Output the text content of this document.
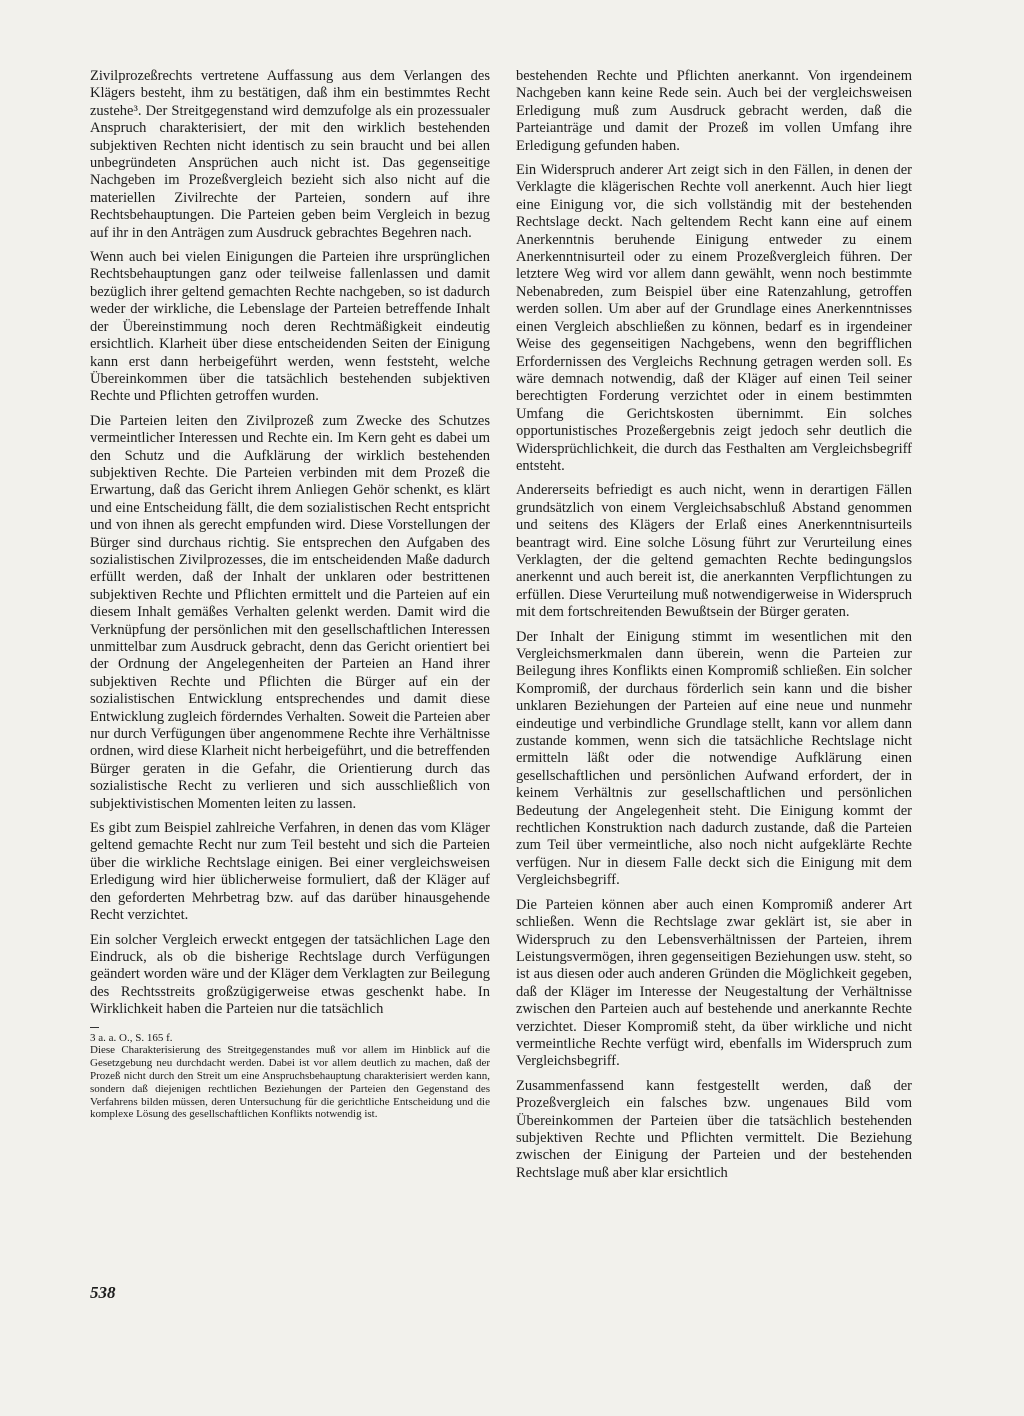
Zivilprozeßrechts vertretene Auffassung aus dem Verlangen des Klägers besteht, ihm zu bestätigen, daß ihm ein bestimmtes Recht zustehe³. Der Streitgegenstand wird demzufolge als ein prozessualer Anspruch charakterisiert, der mit den wirklich bestehenden subjektiven Rechten nicht identisch zu sein braucht und bei allen unbegründeten Ansprüchen auch nicht ist. Das gegenseitige Nachgeben im Prozeßvergleich bezieht sich also nicht auf die materiellen Zivilrechte der Parteien, sondern auf ihre Rechtsbehauptungen. Die Parteien geben beim Vergleich in bezug auf ihr in den Anträgen zum Ausdruck gebrachtes Begehren nach.

Wenn auch bei vielen Einigungen die Parteien ihre ursprünglichen Rechtsbehauptungen ganz oder teilweise fallenlassen und damit bezüglich ihrer geltend gemachten Rechte nachgeben, so ist dadurch weder der wirkliche, die Lebenslage der Parteien betreffende Inhalt der Übereinstimmung noch deren Rechtmäßigkeit eindeutig ersichtlich. Klarheit über diese entscheidenden Seiten der Einigung kann erst dann herbeigeführt werden, wenn feststeht, welche Übereinkommen über die tatsächlich bestehenden subjektiven Rechte und Pflichten getroffen wurden.

Die Parteien leiten den Zivilprozeß zum Zwecke des Schutzes vermeintlicher Interessen und Rechte ein. Im Kern geht es dabei um den Schutz und die Aufklärung der wirklich bestehenden subjektiven Rechte. Die Parteien verbinden mit dem Prozeß die Erwartung, daß das Gericht ihrem Anliegen Gehör schenkt, es klärt und eine Entscheidung fällt, die dem sozialistischen Recht entspricht und von ihnen als gerecht empfunden wird. Diese Vorstellungen der Bürger sind durchaus richtig. Sie entsprechen den Aufgaben des sozialistischen Zivilprozesses, die im entscheidenden Maße dadurch erfüllt werden, daß der Inhalt der unklaren oder bestrittenen subjektiven Rechte und Pflichten ermittelt und die Parteien auf ein diesem Inhalt gemäßes Verhalten gelenkt werden. Damit wird die Verknüpfung der persönlichen mit den gesellschaftlichen Interessen unmittelbar zum Ausdruck gebracht, denn das Gericht orientiert bei der Ordnung der Angelegenheiten der Parteien an Hand ihrer subjektiven Rechte und Pflichten die Bürger auf ein der sozialistischen Entwicklung entsprechendes und damit diese Entwicklung zugleich förderndes Verhalten. Soweit die Parteien aber nur durch Verfügungen über angenommene Rechte ihre Verhältnisse ordnen, wird diese Klarheit nicht herbeigeführt, und die betreffenden Bürger geraten in die Gefahr, die Orientierung durch das sozialistische Recht zu verlieren und sich ausschließlich von subjektivistischen Momenten leiten zu lassen.

Es gibt zum Beispiel zahlreiche Verfahren, in denen das vom Kläger geltend gemachte Recht nur zum Teil besteht und sich die Parteien über die wirkliche Rechtslage einigen. Bei einer vergleichsweisen Erledigung wird hier üblicherweise formuliert, daß der Kläger auf den geforderten Mehrbetrag bzw. auf das darüber hinausgehende Recht verzichtet.

Ein solcher Vergleich erweckt entgegen der tatsächlichen Lage den Eindruck, als ob die bisherige Rechtslage durch Verfügungen geändert worden wäre und der Kläger dem Verklagten zur Beilegung des Rechtsstreits großzügigerweise etwas geschenkt habe. In Wirklichkeit haben die Parteien nur die tatsächlich

3 a. a. O., S. 165 f.

Diese Charakterisierung des Streitgegenstandes muß vor allem im Hinblick auf die Gesetzgebung neu durchdacht werden. Dabei ist vor allem deutlich zu machen, daß der Prozeß nicht durch den Streit um eine Anspruchsbehauptung charakterisiert werden kann, sondern daß diejenigen rechtlichen Beziehungen der Parteien den Gegenstand des Verfahrens bilden müssen, deren Untersuchung für die gerichtliche Entscheidung und die komplexe Lösung des gesellschaftlichen Konflikts notwendig ist.

bestehenden Rechte und Pflichten anerkannt. Von irgendeinem Nachgeben kann keine Rede sein. Auch bei der vergleichsweisen Erledigung muß zum Ausdruck gebracht werden, daß die Parteianträge und damit der Prozeß im vollen Umfang ihre Erledigung gefunden haben.

Ein Widerspruch anderer Art zeigt sich in den Fällen, in denen der Verklagte die klägerischen Rechte voll anerkennt. Auch hier liegt eine Einigung vor, die sich vollständig mit der bestehenden Rechtslage deckt. Nach geltendem Recht kann eine auf einem Anerkenntnis beruhende Einigung entweder zu einem Anerkenntnisurteil oder zu einem Prozeßvergleich führen. Der letztere Weg wird vor allem dann gewählt, wenn noch bestimmte Nebenabreden, zum Beispiel über eine Ratenzahlung, getroffen werden sollen. Um aber auf der Grundlage eines Anerkenntnisses einen Vergleich abschließen zu können, bedarf es in irgendeiner Weise des gegenseitigen Nachgebens, wenn den begrifflichen Erfordernissen des Vergleichs Rechnung getragen werden soll. Es wäre demnach notwendig, daß der Kläger auf einen Teil seiner berechtigten Forderung verzichtet oder in einem bestimmten Umfang die Gerichtskosten übernimmt. Ein solches opportunistisches Prozeßergebnis zeigt jedoch sehr deutlich die Widersprüchlichkeit, die durch das Festhalten am Vergleichsbegriff entsteht.

Andererseits befriedigt es auch nicht, wenn in derartigen Fällen grundsätzlich von einem Vergleichsabschluß Abstand genommen und seitens des Klägers der Erlaß eines Anerkenntnisurteils beantragt wird. Eine solche Lösung führt zur Verurteilung eines Verklagten, der die geltend gemachten Rechte bedingungslos anerkennt und auch bereit ist, die anerkannten Verpflichtungen zu erfüllen. Diese Verurteilung muß notwendigerweise in Widerspruch mit dem fortschreitenden Bewußtsein der Bürger geraten.

Der Inhalt der Einigung stimmt im wesentlichen mit den Vergleichsmerkmalen dann überein, wenn die Parteien zur Beilegung ihres Konflikts einen Kompromiß schließen. Ein solcher Kompromiß, der durchaus förderlich sein kann und die bisher unklaren Beziehungen der Parteien auf eine neue und nunmehr eindeutige und verbindliche Grundlage stellt, kann vor allem dann zustande kommen, wenn sich die tatsächliche Rechtslage nicht ermitteln läßt oder die notwendige Aufklärung einen gesellschaftlichen und persönlichen Aufwand erfordert, der in keinem Verhältnis zur gesellschaftlichen und persönlichen Bedeutung der Angelegenheit steht. Die Einigung kommt der rechtlichen Konstruktion nach dadurch zustande, daß die Parteien zum Teil über vermeintliche, also noch nicht aufgeklärte Rechte verfügen. Nur in diesem Falle deckt sich die Einigung mit dem Vergleichsbegriff.

Die Parteien können aber auch einen Kompromiß anderer Art schließen. Wenn die Rechtslage zwar geklärt ist, sie aber in Widerspruch zu den Lebensverhältnissen der Parteien, ihrem Leistungsvermögen, ihren gegenseitigen Beziehungen usw. steht, so ist aus diesen oder auch anderen Gründen die Möglichkeit gegeben, daß der Kläger im Interesse der Neugestaltung der Verhältnisse zwischen den Parteien auch auf bestehende und anerkannte Rechte verzichtet. Dieser Kompromiß steht, da über wirkliche und nicht vermeintliche Rechte verfügt wird, ebenfalls im Widerspruch zum Vergleichsbegriff.

Zusammenfassend kann festgestellt werden, daß der Prozeßvergleich ein falsches bzw. ungenaues Bild vom Übereinkommen der Parteien über die tatsächlich bestehenden subjektiven Rechte und Pflichten vermittelt. Die Beziehung zwischen der Einigung der Parteien und der bestehenden Rechtslage muß aber klar ersichtlich

538
